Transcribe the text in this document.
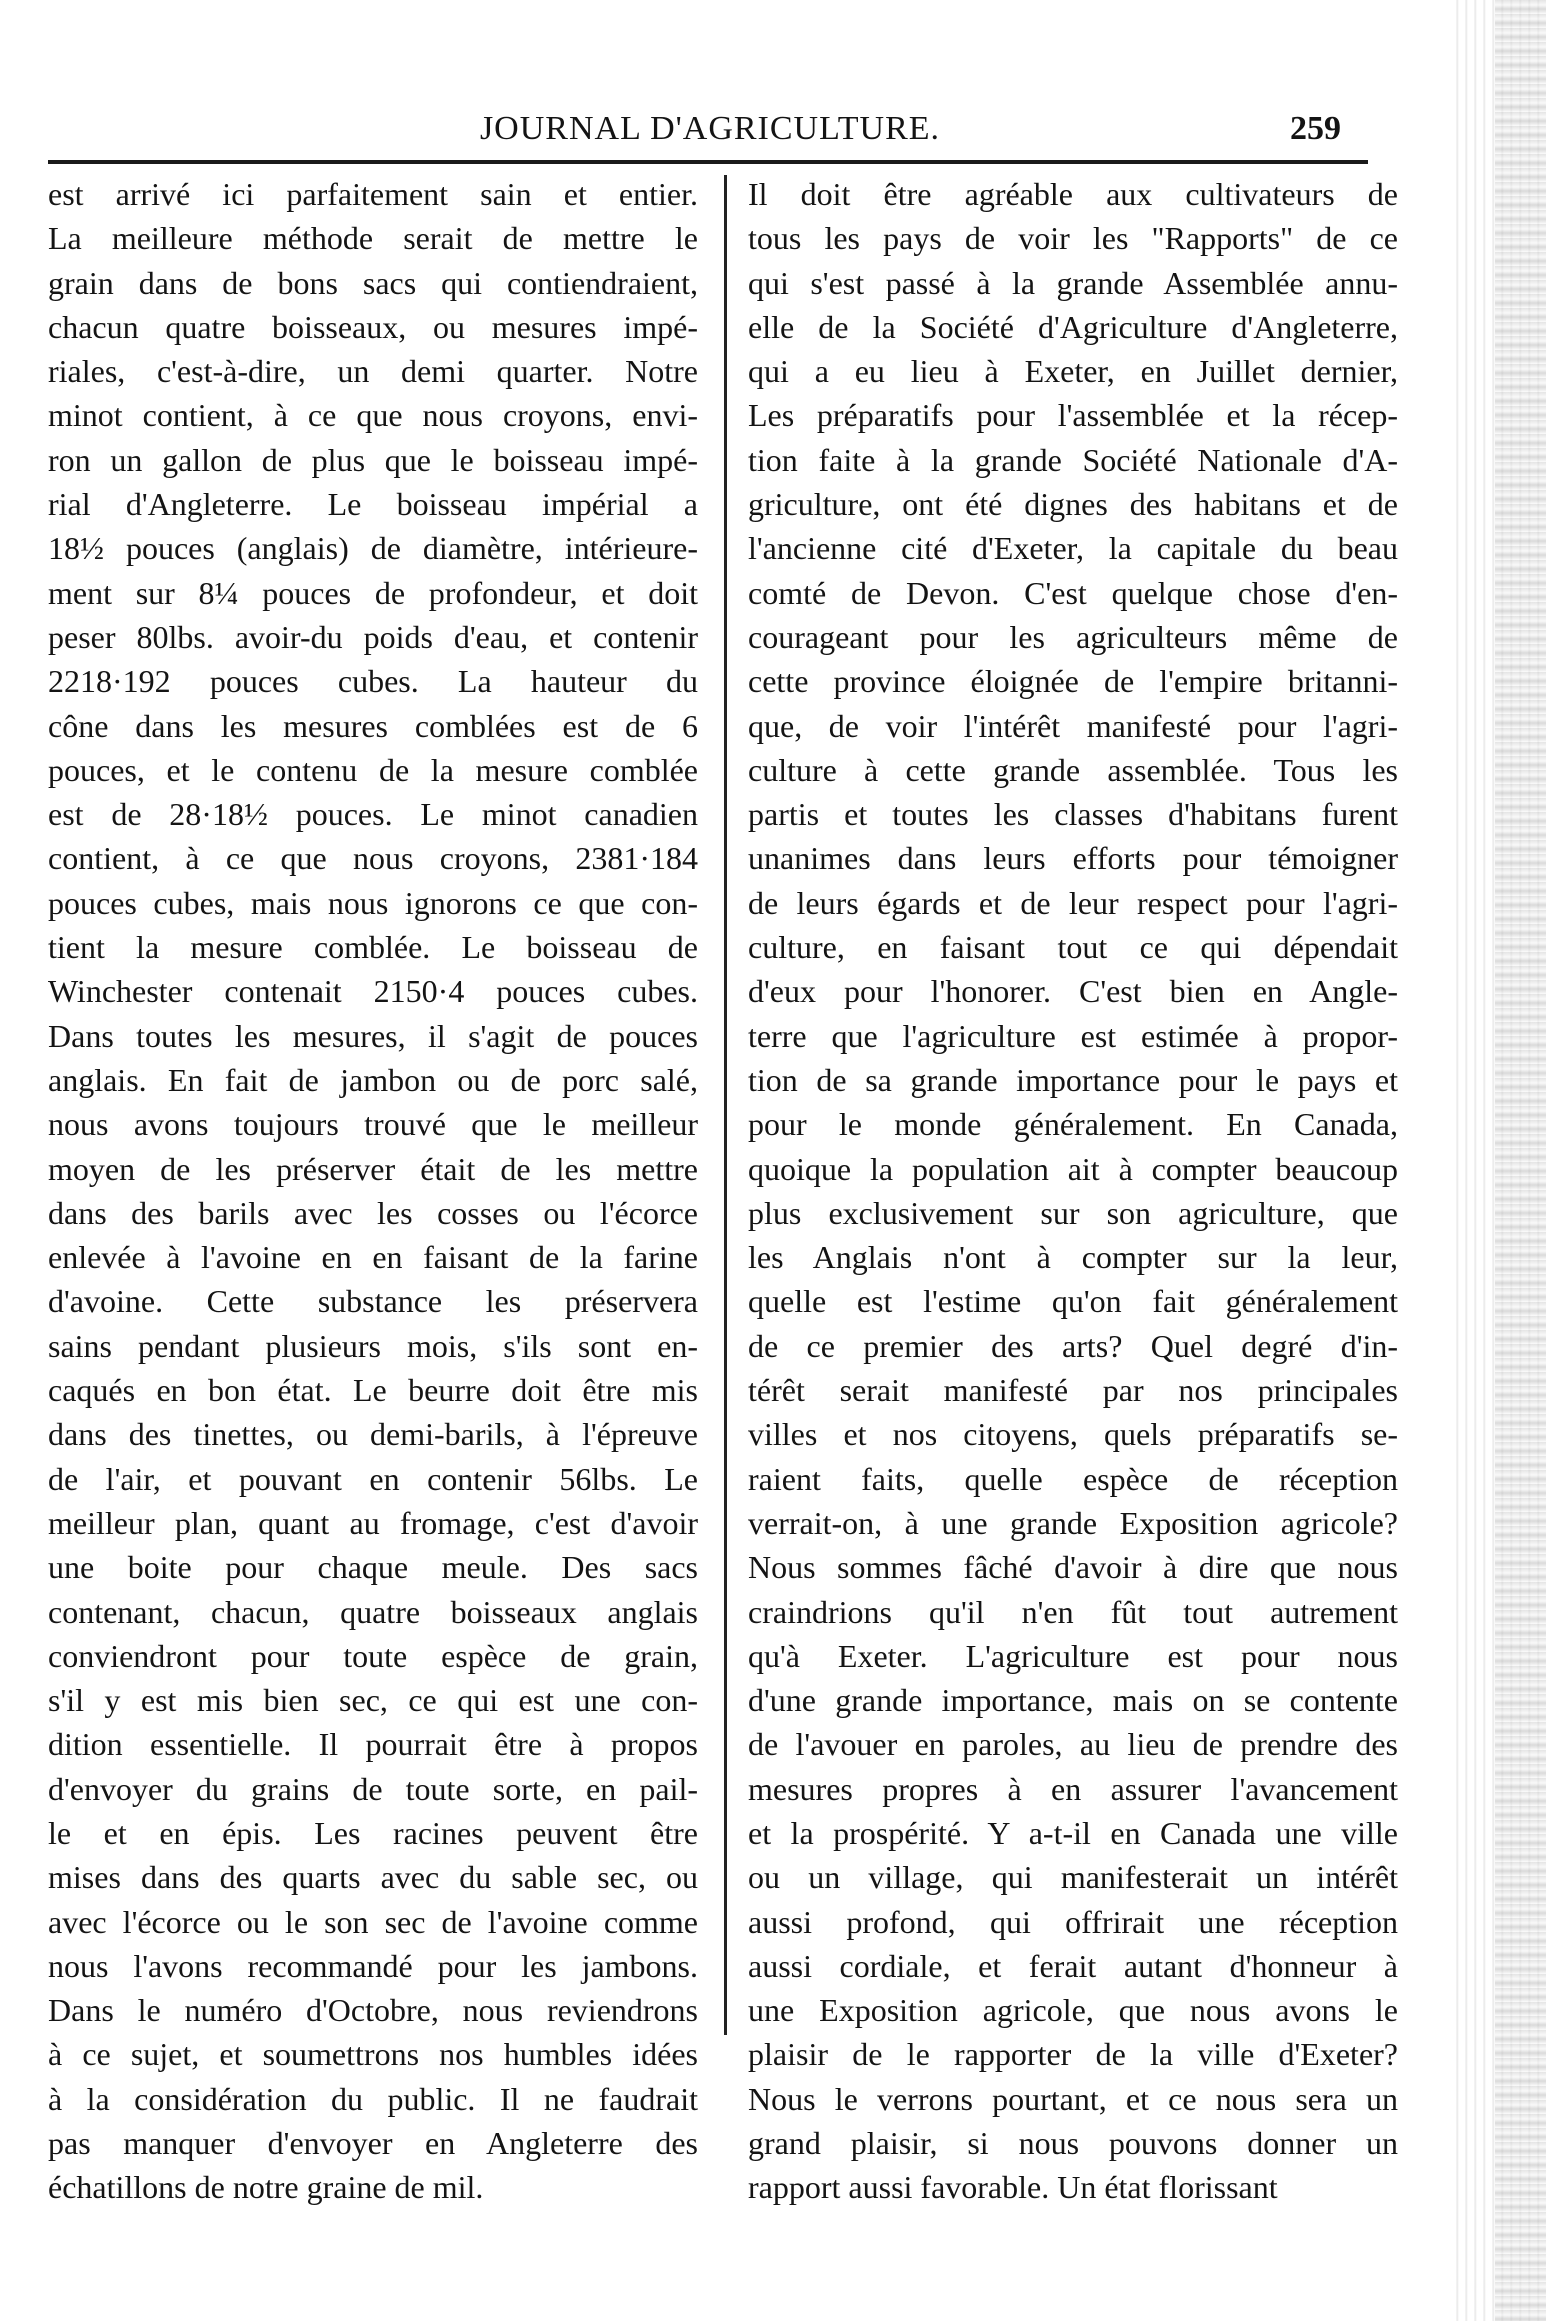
JOURNAL D'AGRICULTURE.	259
est arrivé ici parfaitement sain et entier.
La meilleure méthode serait de mettre le
grain dans de bons sacs qui contiendraient,
chacun quatre boisseaux, ou mesures impé-
riales, c'est-à-dire, un demi quarter. Notre
minot contient, à ce que nous croyons, envi-
ron un gallon de plus que le boisseau impé-
rial d'Angleterre. Le boisseau impérial a
18½ pouces (anglais) de diamètre, intérieure-
ment sur 8¼ pouces de profondeur, et doit
peser 80lbs. avoir-du poids d'eau, et contenir
2218·192 pouces cubes. La hauteur du
cône dans les mesures comblées est de 6
pouces, et le contenu de la mesure comblée
est de 28·18½ pouces. Le minot canadien
contient, à ce que nous croyons, 2381·184
pouces cubes, mais nous ignorons ce que con-
tient la mesure comblée. Le boisseau de
Winchester contenait 2150·4 pouces cubes.
Dans toutes les mesures, il s'agit de pouces
anglais. En fait de jambon ou de porc salé,
nous avons toujours trouvé que le meilleur
moyen de les préserver était de les mettre
dans des barils avec les cosses ou l'écorce
enlevée à l'avoine en en faisant de la farine
d'avoine. Cette substance les préservera
sains pendant plusieurs mois, s'ils sont en-
caqués en bon état. Le beurre doit être mis
dans des tinettes, ou demi-barils, à l'épreuve
de l'air, et pouvant en contenir 56lbs. Le
meilleur plan, quant au fromage, c'est d'avoir
une boite pour chaque meule. Des sacs
contenant, chacun, quatre boisseaux anglais
conviendront pour toute espèce de grain,
s'il y est mis bien sec, ce qui est une con-
dition essentielle. Il pourrait être à propos
d'envoyer du grains de toute sorte, en pail-
le et en épis. Les racines peuvent être
mises dans des quarts avec du sable sec, ou
avec l'écorce ou le son sec de l'avoine comme
nous l'avons recommandé pour les jambons.
Dans le numéro d'Octobre, nous reviendrons
à ce sujet, et soumettrons nos humbles idées
à la considération du public. Il ne faudrait
pas manquer d'envoyer en Angleterre des
échatillons de notre graine de mil.
Il doit être agréable aux cultivateurs de
tous les pays de voir les "Rapports" de ce
qui s'est passé à la grande Assemblée annu-
elle de la Société d'Agriculture d'Angleterre,
qui a eu lieu à Exeter, en Juillet dernier,
Les préparatifs pour l'assemblée et la récep-
tion faite à la grande Société Nationale d'A-
griculture, ont été dignes des habitans et de
l'ancienne cité d'Exeter, la capitale du beau
comté de Devon. C'est quelque chose d'en-
courageant pour les agriculteurs même de
cette province éloignée de l'empire britanni-
que, de voir l'intérêt manifesté pour l'agri-
culture à cette grande assemblée. Tous les
partis et toutes les classes d'habitans furent
unanimes dans leurs efforts pour témoigner
de leurs égards et de leur respect pour l'agri-
culture, en faisant tout ce qui dépendait
d'eux pour l'honorer. C'est bien en Angle-
terre que l'agriculture est estimée à propor-
tion de sa grande importance pour le pays et
pour le monde généralement. En Canada,
quoique la population ait à compter beaucoup
plus exclusivement sur son agriculture, que
les Anglais n'ont à compter sur la leur,
quelle est l'estime qu'on fait généralement
de ce premier des arts? Quel degré d'in-
térêt serait manifesté par nos principales
villes et nos citoyens, quels préparatifs se-
raient faits, quelle espèce de réception
verrait-on, à une grande Exposition agricole?
Nous sommes fâché d'avoir à dire que nous
craindrions qu'il n'en fût tout autrement
qu'à Exeter. L'agriculture est pour nous
d'une grande importance, mais on se contente
de l'avouer en paroles, au lieu de prendre des
mesures propres à en assurer l'avancement
et la prospérité. Y a-t-il en Canada une ville
ou un village, qui manifesterait un intérêt
aussi profond, qui offrirait une réception
aussi cordiale, et ferait autant d'honneur à
une Exposition agricole, que nous avons le
plaisir de le rapporter de la ville d'Exeter?
Nous le verrons pourtant, et ce nous sera un
grand plaisir, si nous pouvons donner un
rapport aussi favorable. Un état florissant
